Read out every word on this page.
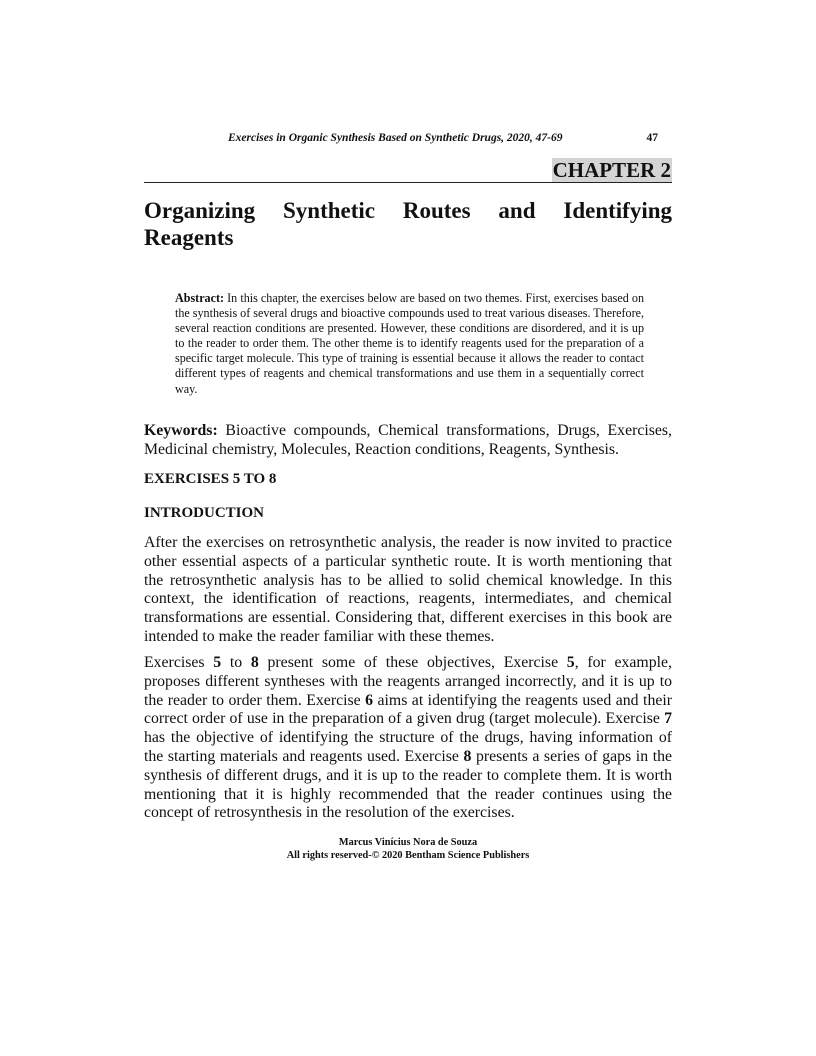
Exercises in Organic Synthesis Based on Synthetic Drugs, 2020, 47-69	47
CHAPTER 2
Organizing Synthetic Routes and Identifying Reagents

Abstract: In this chapter, the exercises below are based on two themes. First, exercises based on the synthesis of several drugs and bioactive compounds used to treat various diseases. Therefore, several reaction conditions are presented. However, these conditions are disordered, and it is up to the reader to order them. The other theme is to identify reagents used for the preparation of a specific target molecule. This type of training is essential because it allows the reader to contact different types of reagents and chemical transformations and use them in a sequentially correct way.

Keywords: Bioactive compounds, Chemical transformations, Drugs, Exercises, Medicinal chemistry, Molecules, Reaction conditions, Reagents, Synthesis.

EXERCISES 5 TO 8
INTRODUCTION

After the exercises on retrosynthetic analysis, the reader is now invited to practice other essential aspects of a particular synthetic route. It is worth mentioning that the retrosynthetic analysis has to be allied to solid chemical knowledge. In this context, the identification of reactions, reagents, intermediates, and chemical transformations are essential. Considering that, different exercises in this book are intended to make the reader familiar with these themes.

Exercises 5 to 8 present some of these objectives, Exercise 5, for example, proposes different syntheses with the reagents arranged incorrectly, and it is up to the reader to order them. Exercise 6 aims at identifying the reagents used and their correct order of use in the preparation of a given drug (target molecule). Exercise 7 has the objective of identifying the structure of the drugs, having information of the starting materials and reagents used. Exercise 8 presents a series of gaps in the synthesis of different drugs, and it is up to the reader to complete them. It is worth mentioning that it is highly recommended that the reader continues using the concept of retrosynthesis in the resolution of the exercises.

Marcus Vinícius Nora de Souza
All rights reserved-© 2020 Bentham Science Publishers
